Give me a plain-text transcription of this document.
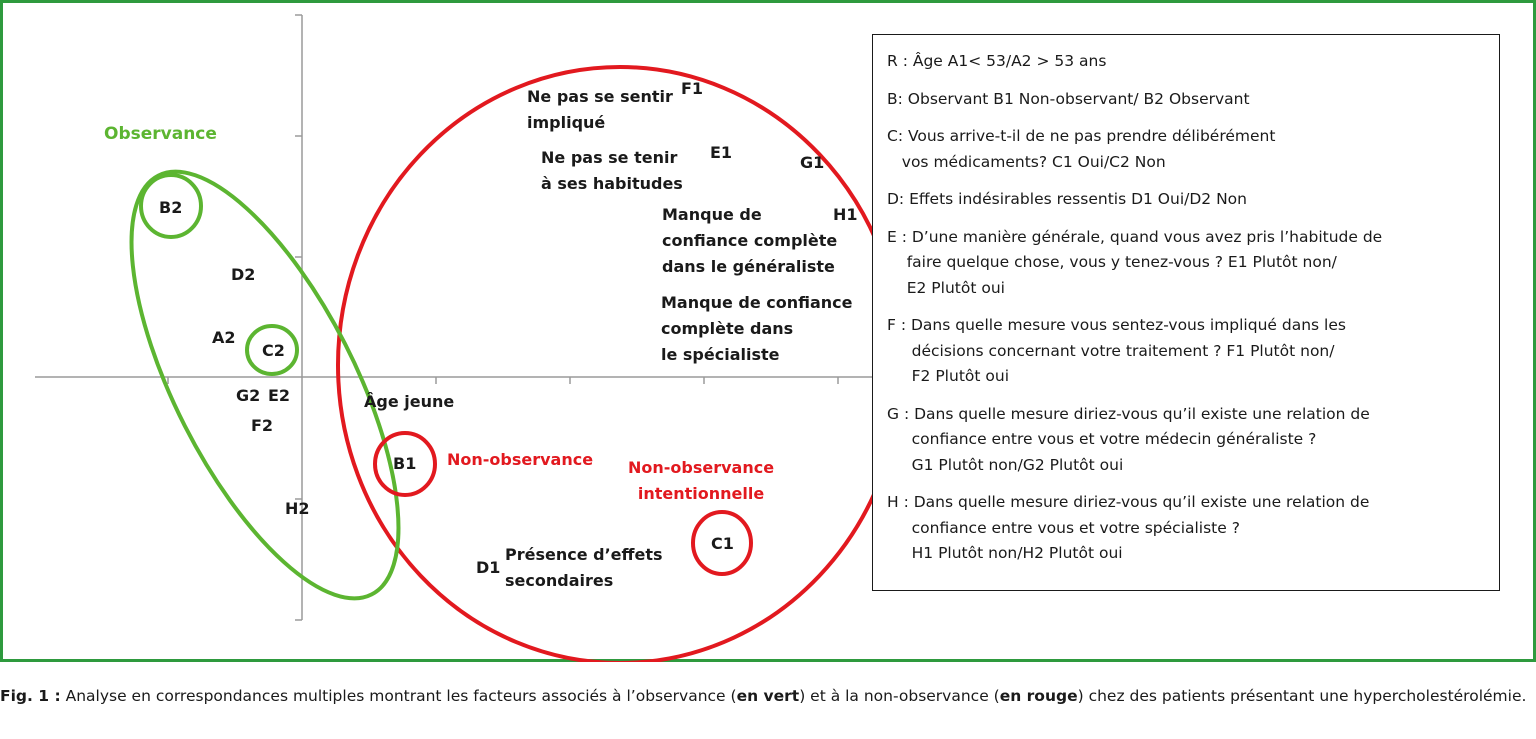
Observance
Non-observance Non-observance
intentionnelle
Âge jeune
Ne pas se sentir
impliqué
Ne pas se tenir
à ses habitudes
Manque de
confiance complète
dans le généraliste
Manque de confiance
complète dans
le spécialiste
Présence d’effets
secondaires
B2
D2
A2
C2
G2 E2
F2
H2
B1
C1
D1
F1
E1
G1
H1
R : Âge A1< 53/A2 > 53 ans
B: Observant B1 Non-observant/ B2 Observant
C: Vous arrive-t-il de ne pas prendre délibérément
vos médicaments? C1 Oui/C2 Non
D: Effets indésirables ressentis D1 Oui/D2 Non
E : D’une manière générale, quand vous avez pris l’habitude de
faire quelque chose, vous y tenez-vous ? E1 Plutôt non/
E2 Plutôt oui
F : Dans quelle mesure vous sentez-vous impliqué dans les
décisions concernant votre traitement ? F1 Plutôt non/
F2 Plutôt oui
G : Dans quelle mesure diriez-vous qu’il existe une relation de
confiance entre vous et votre médecin généraliste ?
G1 Plutôt non/G2 Plutôt oui
H : Dans quelle mesure diriez-vous qu’il existe une relation de
confiance entre vous et votre spécialiste ?
H1 Plutôt non/H2 Plutôt oui
Fig. 1 : Analyse en correspondances multiples montrant les facteurs associés à l’observance (en vert) et à la non-observance (en rouge) chez des patients présentant une hypercholestérolémie.
